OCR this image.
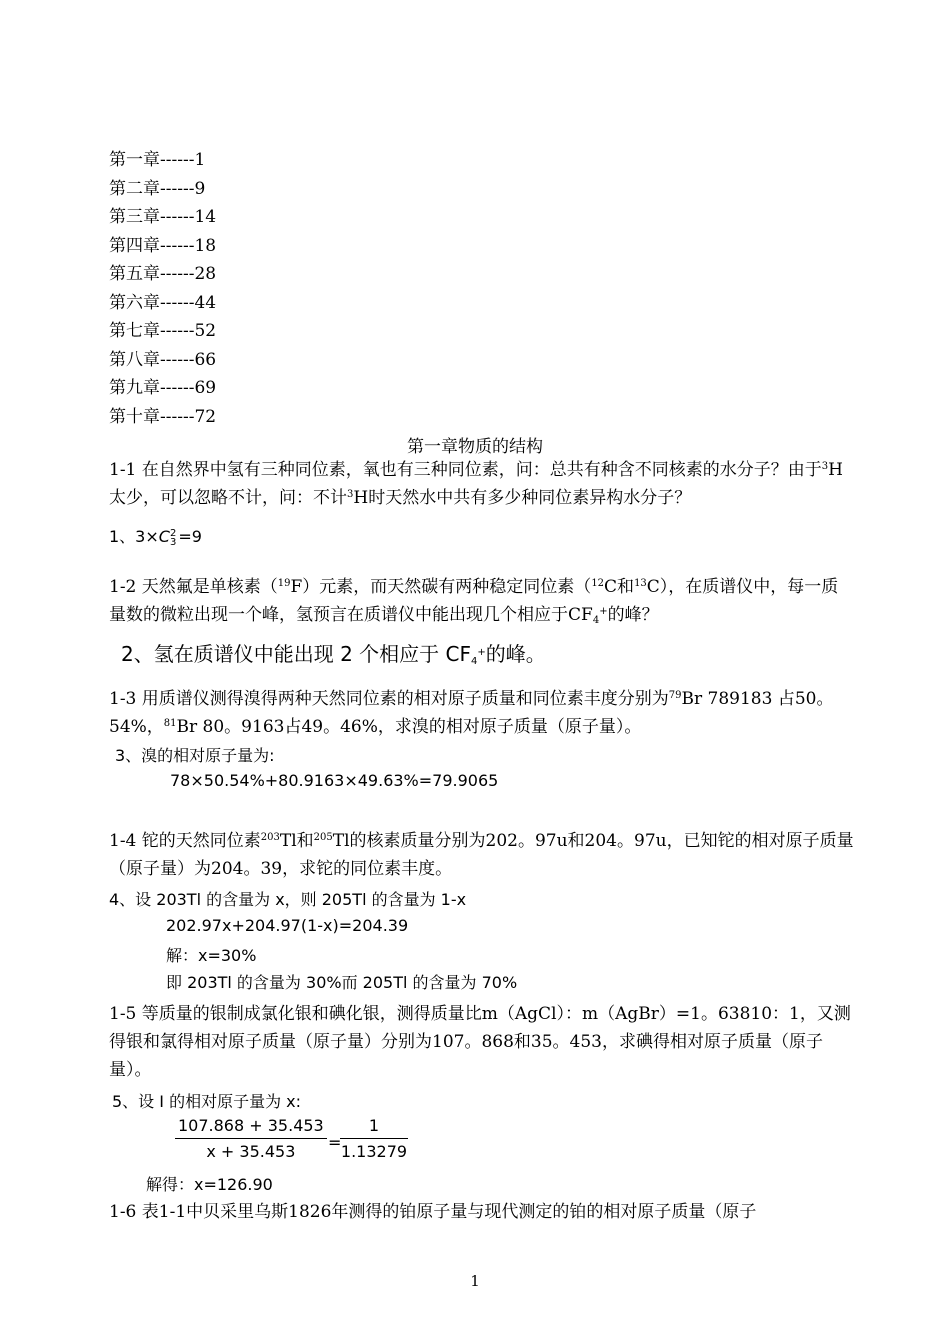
第一章------1
第二章------9
第三章------14
第四章------18
第五章------28
第六章------44
第七章------52
第八章------66
第九章------69
第十章------72
第一章物质的结构
1-1 在自然界中氢有三种同位素，氧也有三种同位素，问：总共有种含不同核素的水分子？由于$^3$H太少，可以忽略不计，问：不计$^3$H时天然水中共有多少种同位素异构水分子？
1、3×C 2
3 =9
1-2 天然氟是单核素（$^{19}$F）元素，而天然碳有两种稳定同位素（$^{12}$C和$^{13}$C），在质谱仪中，每一质量数的微粒出现一个峰，氢预言在质谱仪中能出现几个相应于$CF_4^+$的峰？
2、氢在质谱仪中能出现 2 个相应于 $CF_4^+$的峰。
1-3 用质谱仪测得溴得两种天然同位素的相对原子质量和同位素丰度分别为$^{79}$Br 789183 占50。54%，$^{81}$Br 80。9163占49。46%，求溴的相对原子质量（原子量）。
3、溴的相对原子量为:
78×50.54%+80.9163×49.63%=79.9065
1-4 铊的天然同位素$^{203}$Tl和$^{205}$Tl的核素质量分别为202。97u和204。97u，已知铊的相对原子质量（原子量）为204。39，求铊的同位素丰度。
4、设 203Tl 的含量为 x，则 205Tl 的含量为 1-x
202.97x+204.97(1-x)=204.39
解：x=30%
即 203Tl 的含量为 30%而 205Tl 的含量为 70%
1-5 等质量的银制成氯化银和碘化银，测得质量比m（AgCl）：m（AgBr）=1。63810：1，又测得银和氯得相对原子质量（原子量）分别为107。868和35。453，求碘得相对原子质量（原子量）。
5、设 I 的相对原子量为 x:
$\frac{107.868 + 35.453}{x + 35.453}$ =
$\frac{1}{1.13279}$
解得：x=126.90
1-6 表1-1中贝采里乌斯1826年测得的铂原子量与现代测定的铂的相对原子质量（原子
1
